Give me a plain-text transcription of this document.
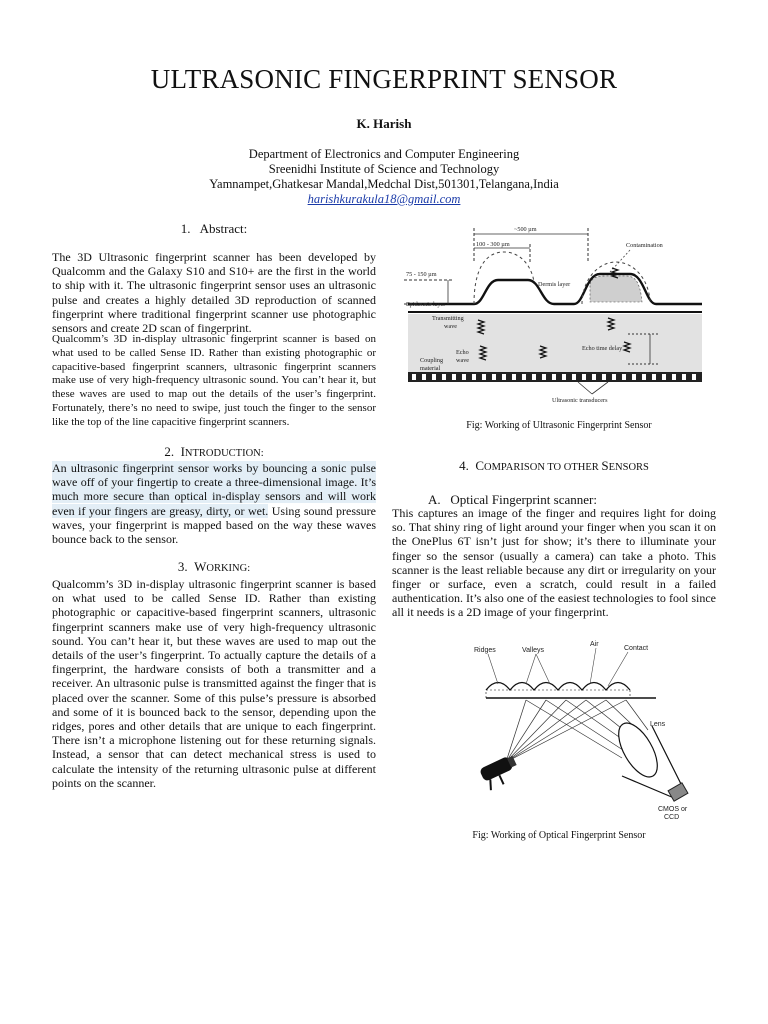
ULTRASONIC FINGERPRINT SENSOR
K. Harish
Department of Electronics and Computer Engineering
Sreenidhi Institute of Science and Technology
Yamnampet,Ghatkesar Mandal,Medchal Dist,501301,Telangana,India
harishkurakula18@gmail.com
1. Abstract:
The 3D Ultrasonic fingerprint scanner has been developed by Qualcomm and the Galaxy S10 and S10+ are the first in the world to ship with it. The ultrasonic fingerprint sensor uses an ultrasonic pulse and creates a highly detailed 3D reproduction of scanned fingerprint where traditional fingerprint scanner use photographic sensors and create 2D scan of fingerprint.
Qualcomm’s 3D in-display ultrasonic fingerprint scanner is based on what used to be called Sense ID. Rather than existing photographic or capacitive-based fingerprint scanners, ultrasonic fingerprint scanners make use of very high-frequency ultrasonic sound. You can’t hear it, but these waves are used to map out the details of the user’s fingerprint. Fortunately, there’s no need to swipe, just touch the finger to the sensor like the top of the line capacitive fingerprint scanners.
2. INTRODUCTION:
An ultrasonic fingerprint sensor works by bouncing a sonic pulse wave off of your fingertip to create a three-dimensional image. It’s much more secure than optical in-display sensors and will work even if your fingers are greasy, dirty, or wet. Using sound pressure waves, your fingerprint is mapped based on the way these waves bounce back to the sensor.
3. WORKING:
Qualcomm’s 3D in-display ultrasonic fingerprint scanner is based on what used to be called Sense ID. Rather than existing photographic or capacitive-based fingerprint scanners, ultrasonic fingerprint scanners make use of very high-frequency ultrasonic sound. You can’t hear it, but these waves are used to map out the details of the user’s fingerprint. To actually capture the details of a fingerprint, the hardware consists of both a transmitter and a receiver. An ultrasonic pulse is transmitted against the finger that is placed over the scanner. Some of this pulse’s pressure is absorbed and some of it is bounced back to the sensor, depending upon the ridges, pores and other details that are unique to each fingerprint. There isn’t a microphone listening out for these returning signals. Instead, a sensor that can detect mechanical stress is used to calculate the intensity of the returning ultrasonic pulse at different points on the scanner.
~500 µm
100 - 300 µm
75 - 150 µm
Contamination
Dermis layer
Epidermis layer
Transmitting
wave
Echo time delay
Echo
wave
Coupling
material
Ultrasonic transducers
Fig: Working of Ultrasonic Fingerprint Sensor
4. COMPARISON TO OTHER SENSORS
A. Optical Fingerprint scanner:
This captures an image of the finger and requires light for doing so. That shiny ring of light around your finger when you scan it on the OnePlus 6T isn’t just for show; it’s there to illuminate your finger so the sensor (usually a camera) can take a photo. This scanner is the least reliable because any dirt or irregularity on your finger or surface, even a scratch, could result in a failed authentication. It’s also one of the easiest technologies to fool since all it needs is a 2D image of your fingerprint.
Ridges	Valleys
Air
Contact
Lens
CMOS or
CCD
Fig: Working of Optical Fingerprint Sensor
